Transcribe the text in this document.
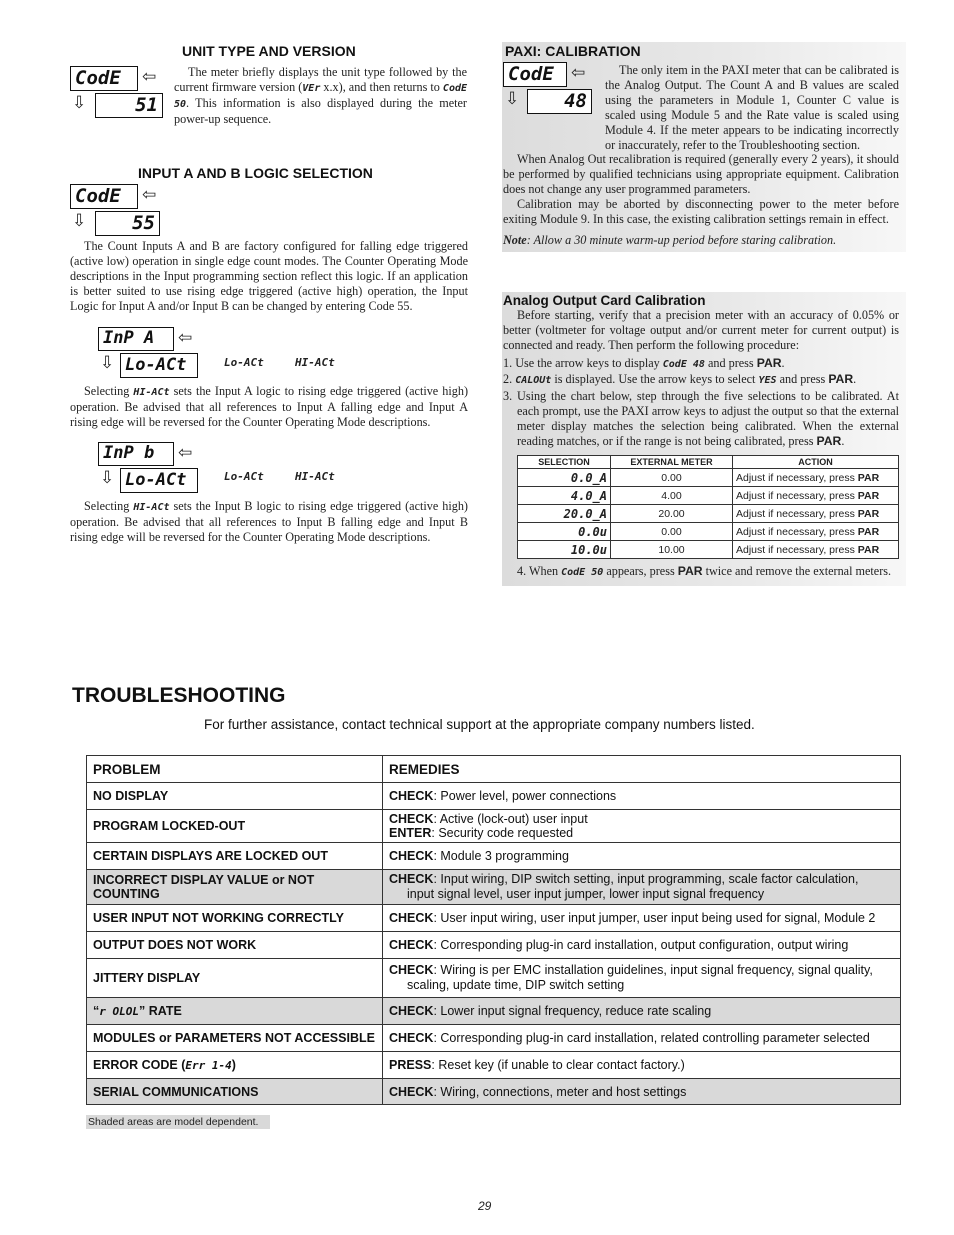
UNIT TYPE AND VERSION
CodE	⇦
⇩	51
The meter briefly displays the unit type followed by the current firmware version (VEr x.x), and then returns to CodE 50. This information is also displayed during the meter power-up sequence.
INPUT A AND B LOGIC SELECTION
CodE	⇦
⇩	55
The Count Inputs A and B are factory configured for falling edge triggered (active low) operation in single edge count modes. The Counter Operating Mode descriptions in the Input programming section reflect this logic. If an application is better suited to use rising edge triggered (active high) operation, the Input Logic for Input A and/or Input B can be changed by entering Code 55.
InP A	⇦
⇩ Lo-ACt	Lo-ACt	HI-ACt
Selecting HI-ACt sets the Input A logic to rising edge triggered (active high) operation. Be advised that all references to Input A falling edge and Input A rising edge will be reversed for the Counter Operating Mode descriptions.
InP b	⇦
⇩ Lo-ACt	Lo-ACt	HI-ACt
Selecting HI-ACt sets the Input B logic to rising edge triggered (active high) operation. Be advised that all references to Input B falling edge and Input B rising edge will be reversed for the Counter Operating Mode descriptions.
PAXI: CALIBRATION
CodE	⇦
⇩	48
The only item in the PAXI meter that can be calibrated is the Analog Output. The Count A and B values are scaled using the parameters in Module 1, Counter C value is scaled using Module 5 and the Rate value is scaled using Module 4. If the meter appears to be indicating incorrectly or inaccurately, refer to the Troubleshooting section.
When Analog Out recalibration is required (generally every 2 years), it should be performed by qualified technicians using appropriate equipment. Calibration does not change any user programmed parameters.
Calibration may be aborted by disconnecting power to the meter before exiting Module 9. In this case, the existing calibration settings remain in effect.
Note: Allow a 30 minute warm-up period before staring calibration.
Analog Output Card Calibration
Before starting, verify that a precision meter with an accuracy of 0.05% or better (voltmeter for voltage output and/or current meter for current output) is connected and ready. Then perform the following procedure:
1. Use the arrow keys to display CodE 48 and press PAR.
2. CALOUt is displayed. Use the arrow keys to select YES and press PAR.
3. Using the chart below, step through the five selections to be calibrated. At each prompt, use the PAXI arrow keys to adjust the output so that the external meter display matches the selection being calibrated. When the external reading matches, or if the range is not being calibrated, press PAR.
SELECTION	EXTERNAL METER	ACTION
0.0_A	0.00	Adjust if necessary, press PAR
4.0_A	4.00	Adjust if necessary, press PAR
20.0_A	20.00	Adjust if necessary, press PAR
0.0u	0.00	Adjust if necessary, press PAR
10.0u	10.00	Adjust if necessary, press PAR
4. When CodE 50 appears, press PAR twice and remove the external meters.
TROUBLESHOOTING
For further assistance, contact technical support at the appropriate company numbers listed.
PROBLEM	REMEDIES
NO DISPLAY	CHECK: Power level, power connections
PROGRAM LOCKED-OUT	CHECK: Active (lock-out) user input
ENTER: Security code requested
CERTAIN DISPLAYS ARE LOCKED OUT	CHECK: Module 3 programming
INCORRECT DISPLAY VALUE or NOT COUNTING	CHECK: Input wiring, DIP switch setting, input programming, scale factor calculation,
input signal level, user input jumper, lower input signal frequency
USER INPUT NOT WORKING CORRECTLY	CHECK: User input wiring, user input jumper, user input being used for signal, Module 2
OUTPUT DOES NOT WORK	CHECK: Corresponding plug-in card installation, output configuration, output wiring
JITTERY DISPLAY	CHECK: Wiring is per EMC installation guidelines, input signal frequency, signal quality,
scaling, update time, DIP switch setting
“r OLOL” RATE	CHECK: Lower input signal frequency, reduce rate scaling
MODULES or PARAMETERS NOT ACCESSIBLE	CHECK: Corresponding plug-in card installation, related controlling parameter selected
ERROR CODE (Err 1-4)	PRESS: Reset key (if unable to clear contact factory.)
SERIAL COMMUNICATIONS	CHECK: Wiring, connections, meter and host settings
Shaded areas are model dependent.
29
